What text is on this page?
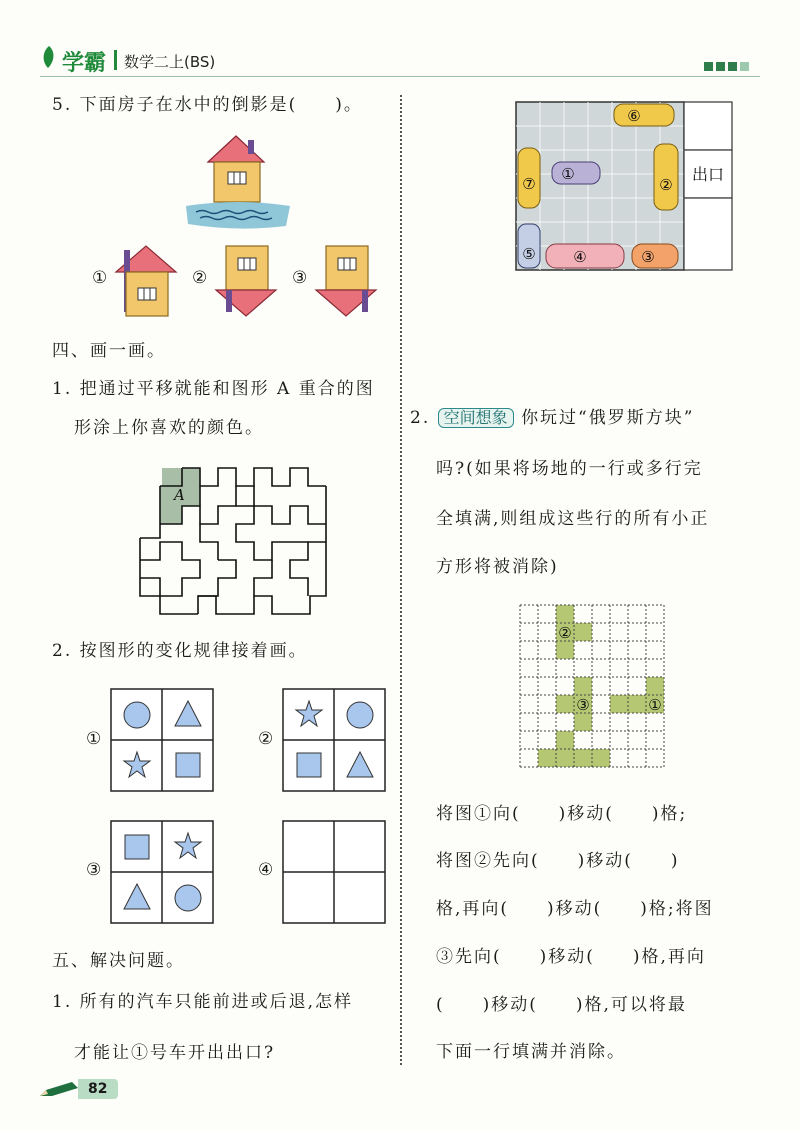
学霸 数学二上(BS)
5. 下面房子在水中的倒影是(　　)。
①	②	③
四、画一画。
1. 把通过平移就能和图形 A 重合的图
形涂上你喜欢的颜色。
A
2. 按图形的变化规律接着画。
①	②
③	④
五、解决问题。
1. 所有的汽车只能前进或后退,怎样
才能让①号车开出出口?
⑥
⑦
①
②
⑤	④	③
出口
2. 空间想象 你玩过“俄罗斯方块”
吗?(如果将场地的一行或多行完
全填满,则组成这些行的所有小正
方形将被消除)
②
③	①
将图①向(　　)移动(　　)格;
将图②先向(　　)移动(　　)
格,再向(　　)移动(　　)格;将图
③先向(　　)移动(　　)格,再向
(　　)移动(　　)格,可以将最
下面一行填满并消除。
82
